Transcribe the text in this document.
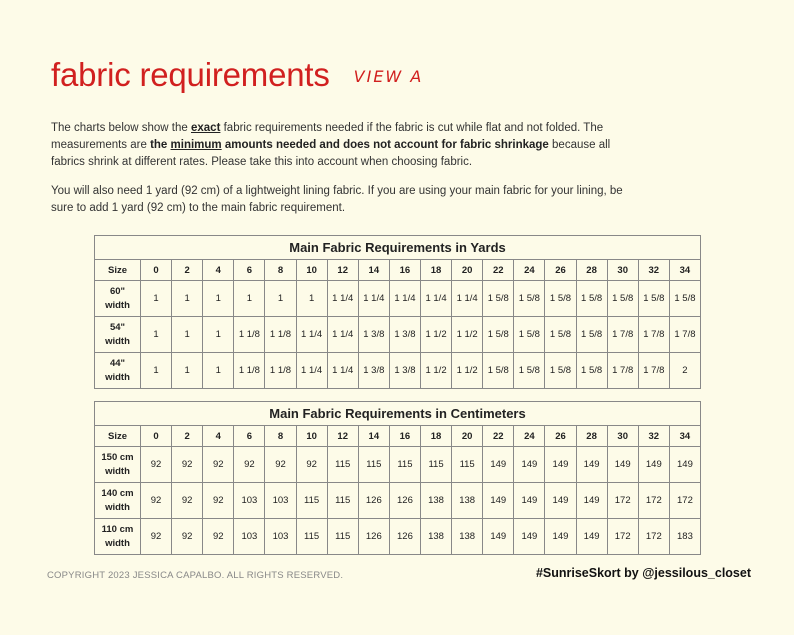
fabric requirements VIEW A
The charts below show the exact fabric requirements needed if the fabric is cut while flat and not folded. The measurements are the minimum amounts needed and does not account for fabric shrinkage because all fabrics shrink at different rates. Please take this into account when choosing fabric.
You will also need 1 yard (92 cm) of a lightweight lining fabric. If you are using your main fabric for your lining, be sure to add 1 yard (92 cm) to the main fabric requirement.
Main Fabric Requirements in Yards																		
Size	0	2	4	6	8	10	12	14	16	18	20	22	24	26	28	30	32	34

60"
width	1	1	1	1	1	1	1 1/4	1 1/4	1 1/4	1 1/4	1 1/4	1 5/8	1 5/8	1 5/8	1 5/8	1 5/8	1 5/8	1 5/8

54"
width	1	1	1	1 1/8	1 1/8	1 1/4	1 1/4	1 3/8	1 3/8	1 1/2	1 1/2	1 5/8	1 5/8	1 5/8	1 5/8	1 7/8	1 7/8	1 7/8

44"
width	1	1	1	1 1/8	1 1/8	1 1/4	1 1/4	1 3/8	1 3/8	1 1/2	1 1/2	1 5/8	1 5/8	1 5/8	1 5/8	1 7/8	1 7/8	2
Main Fabric Requirements in Centimeters																		
Size	0	2	4	6	8	10	12	14	16	18	20	22	24	26	28	30	32	34

150 cm
width	92	92	92	92	92	92	115	115	115	115	115	149	149	149	149	149	149	149

140 cm
width	92	92	92	103	103	115	115	126	126	138	138	149	149	149	149	172	172	172

110 cm
width	92	92	92	103	103	115	115	126	126	138	138	149	149	149	149	172	172	183
COPYRIGHT 2023 JESSICA CAPALBO. ALL RIGHTS RESERVED.	#SunriseSkort by @jessilous_closet
